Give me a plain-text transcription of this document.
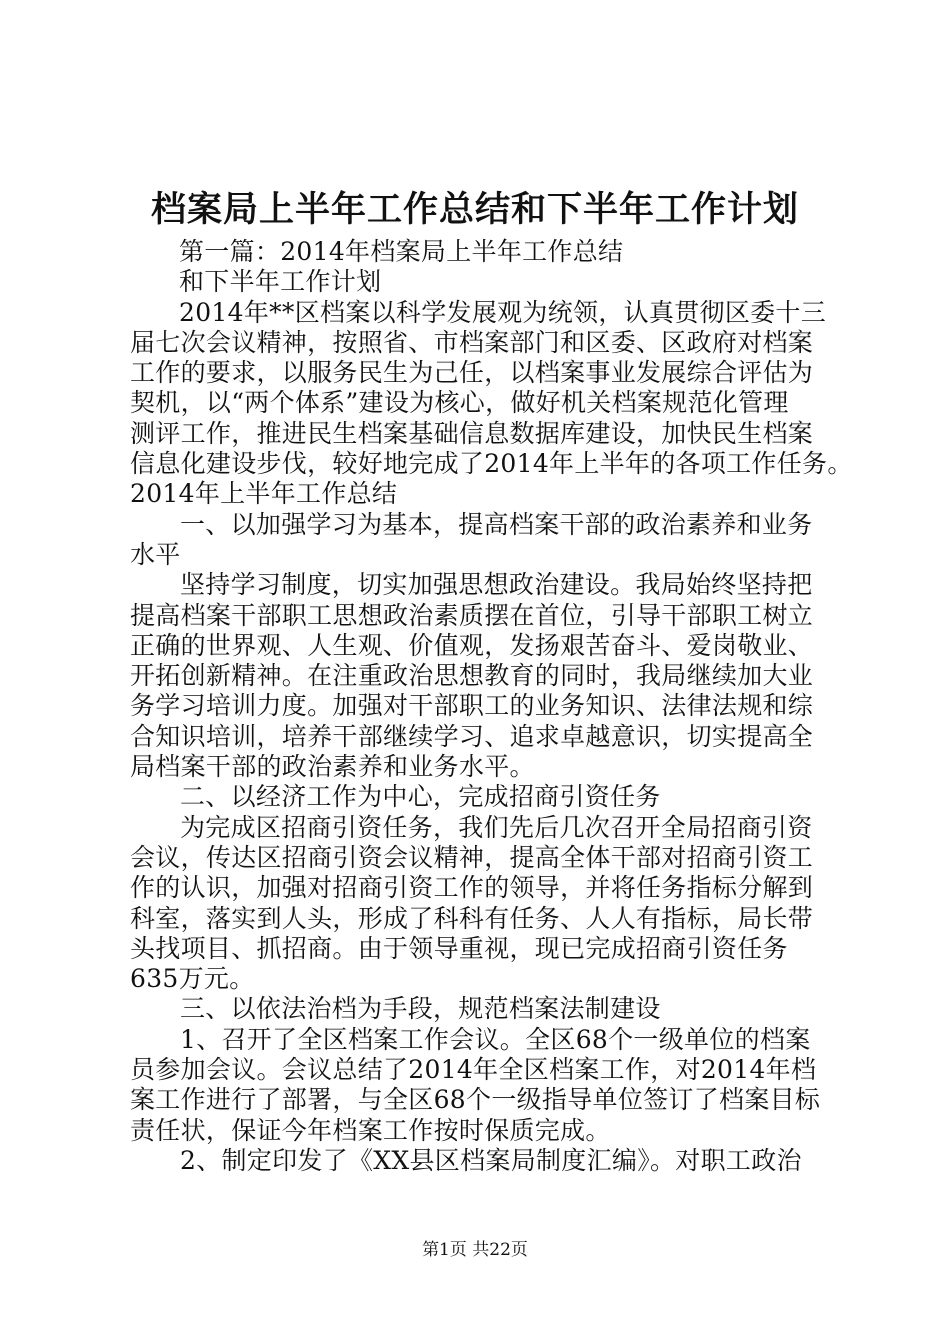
档案局上半年工作总结和下半年工作计划

第一篇：2014年档案局上半年工作总结

和下半年工作计划

2014年**区档案以科学发展观为统领，认真贯彻区委十三

届七次会议精神，按照省、市档案部门和区委、区政府对档案

工作的要求，以服务民生为己任，以档案事业发展综合评估为

契机，以“两个体系”建设为核心，做好机关档案规范化管理

测评工作，推进民生档案基础信息数据库建设，加快民生档案

信息化建设步伐，较好地完成了2014年上半年的各项工作任务。

2014年上半年工作总结

一、以加强学习为基本，提高档案干部的政治素养和业务

水平

坚持学习制度，切实加强思想政治建设。我局始终坚持把

提高档案干部职工思想政治素质摆在首位，引导干部职工树立

正确的世界观、人生观、价值观，发扬艰苦奋斗、爱岗敬业、

开拓创新精神。在注重政治思想教育的同时，我局继续加大业

务学习培训力度。加强对干部职工的业务知识、法律法规和综

合知识培训，培养干部继续学习、追求卓越意识，切实提高全

局档案干部的政治素养和业务水平。

二、以经济工作为中心，完成招商引资任务

为完成区招商引资任务，我们先后几次召开全局招商引资

会议，传达区招商引资会议精神，提高全体干部对招商引资工

作的认识，加强对招商引资工作的领导，并将任务指标分解到

科室，落实到人头，形成了科科有任务、人人有指标，局长带

头找项目、抓招商。由于领导重视，现已完成招商引资任务

635万元。

三、以依法治档为手段，规范档案法制建设

1、召开了全区档案工作会议。全区68个一级单位的档案

员参加会议。会议总结了2014年全区档案工作，对2014年档

案工作进行了部署，与全区68个一级指导单位签订了档案目标

责任状，保证今年档案工作按时保质完成。

2、制定印发了《XX县区档案局制度汇编》。对职工政治

第1页 共22页
